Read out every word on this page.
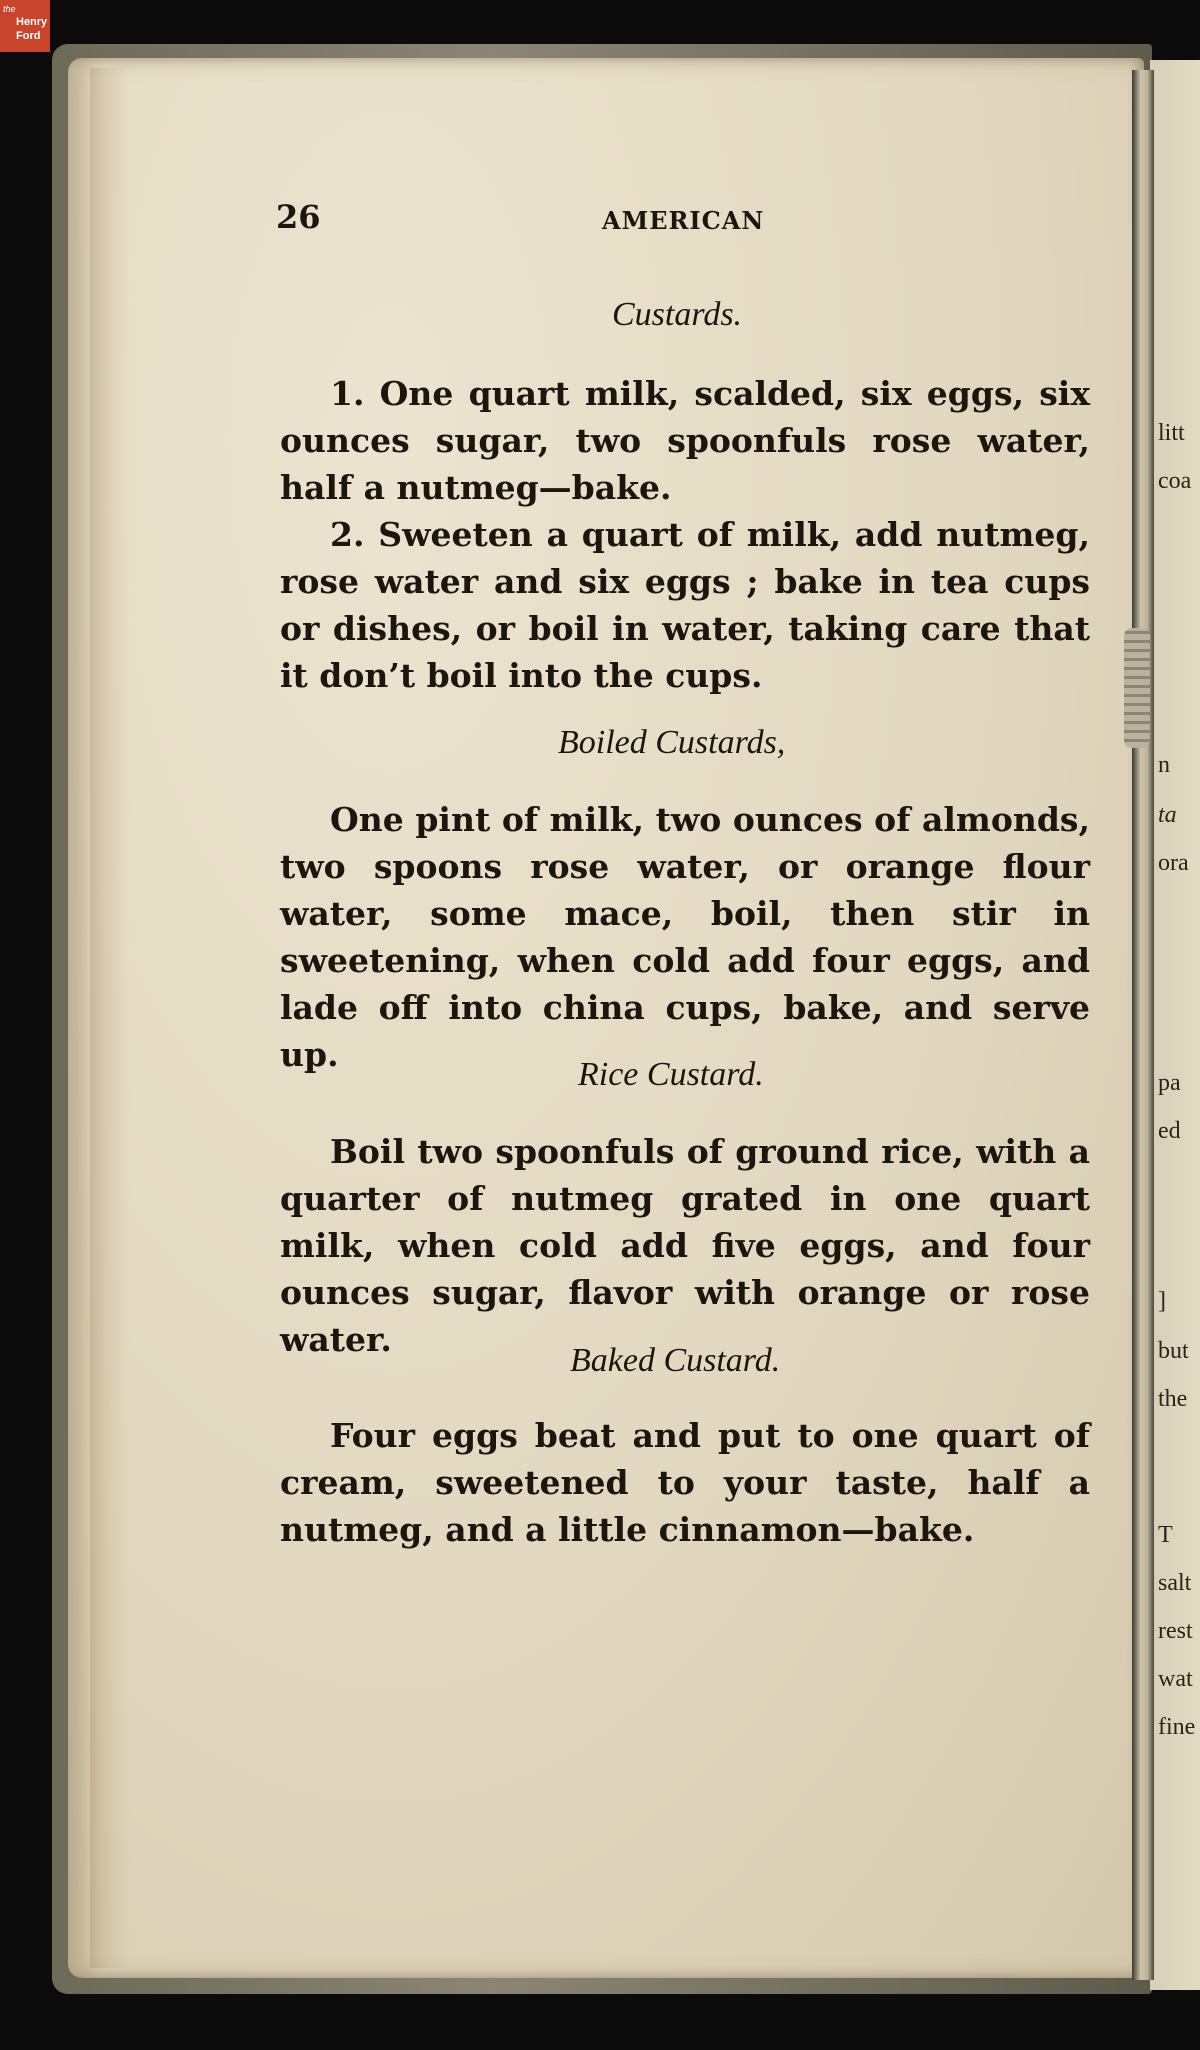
the
Henry
Ford
litt
coa
n
ta
ora
pa
ed
]
but
the
T
salt
rest
wat
fine
26	AMERICAN
Custards.

1. One quart milk, scalded, six eggs, six ounces sugar, two spoonfuls rose water, half a nutmeg—bake.

2. Sweeten a quart of milk, add nutmeg, rose water and six eggs ; bake in tea cups or dishes, or boil in water, taking care that it don’t boil into the cups.

Boiled Custards,

One pint of milk, two ounces of almonds, two spoons rose water, or orange flour water, some mace, boil, then stir in sweetening, when cold add four eggs, and lade off into china cups, bake, and serve up.

Rice Custard.

Boil two spoonfuls of ground rice, with a quarter of nutmeg grated in one quart milk, when cold add five eggs, and four ounces sugar, flavor with orange or rose water.

Baked Custard.

Four eggs beat and put to one quart of cream, sweetened to your taste, half a nutmeg, and a little cinnamon—bake.
